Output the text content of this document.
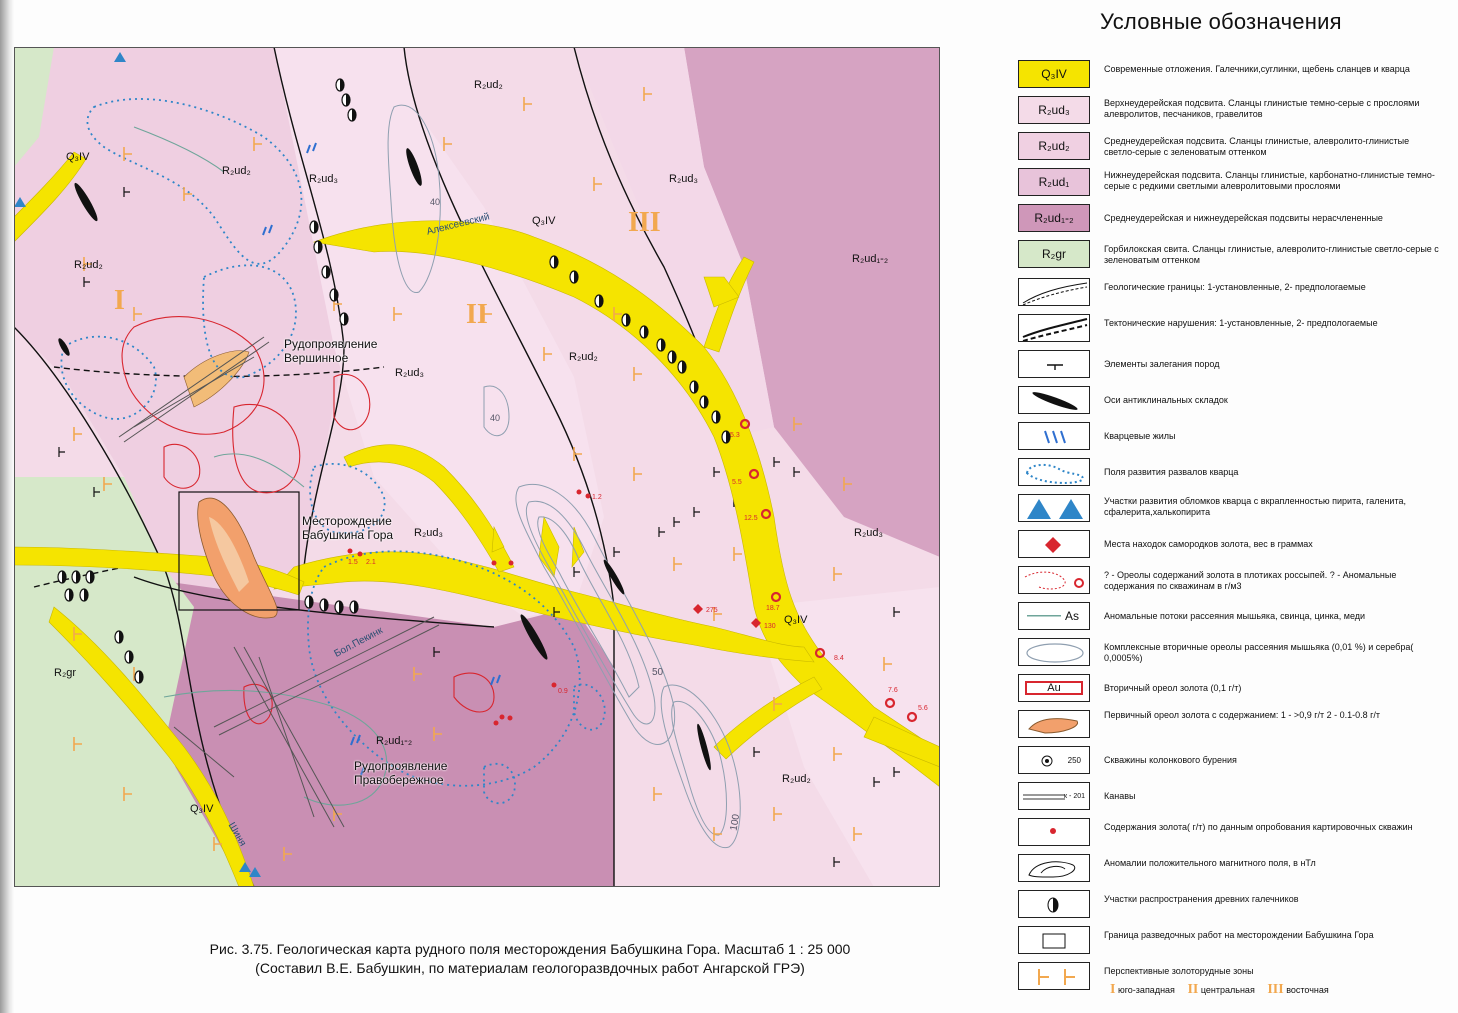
Q₃IV
Q₃IV
Q₃IV
Q₃IV
R₂ud₂
R₂ud₂
R₂ud₂
R₂ud₂
R₂ud₃	R₂ud₃
R₂ud₃
R₂ud₃	R₂ud₃
R₂ud₂
R₂ud₁-₂
R₂ud₁-₂
R₂gr
I	II
III
Рудопроявление
Вершинное
Месторождение
Бабушкина Гора
Рудопроявление
Правобережное
Алексеевский
Шиня
Бол.Пекинк
40
40
50
100
5.3
5.5
12.5
18.7
8.4
7.6
5.6
1.5 2.1
1.2
0.9
275
130
Рис. 3.75. Геологическая карта рудного поля месторождения Бабушкина Гора. Масштаб 1 : 25 000
(Составил В.Е. Бабушкин, по материалам геологоразвдочных работ Ангарской ГРЭ)
Условные обозначения
Q₃IV	Современные отложения. Галечники,суглинки, щебень сланцев и кварца
R₂ud₃	Верхнеудерейская подсвита. Сланцы глинистые темно-серые с прослоями алевролитов, песчаников, гравелитов
R₂ud₂	Среднеудерейская подсвита. Сланцы глинистые, алевролито-глинистые светло-серые с зеленоватым оттенком
R₂ud₁	Нижнеудерейская подсвита. Сланцы глинистые, карбонатно-глинистые темно-серые с редкими светлыми алевролитовыми прослоями
R₂ud₁-₂	Среднеудерейская и нижнеудерейская подсвиты нерасчлененные
R₂gr	Горбилокская свита. Сланцы глинистые, алевролито-глинистые светло-серые с зеленоватым оттенком
Геологические границы: 1-установленные, 2- предпологаемые
Тектонические нарушения: 1-установленные, 2- предпологаемые
Элементы залегания пород
Оси антиклинальных складок
Кварцевые жилы
Поля развития развалов кварца
Участки развития обломков кварца с вкрапленностью пирита, галенита, сфалерита,халькопирита
Места находок самородков золота, вес в граммах
? - Ореолы содержаний золота в плотиках россыпей. ? - Аномальные содержания по скважинам в г/м3
As	Аномальные потоки рассеяния мышьяка, свинца, цинка, меди
Комплексные вторичные ореолы рассеяния мышьяка (0,01 %) и серебра( 0,0005%)
Au	Вторичный ореол золота (0,1 г/т)
Первичный ореол золота с содержанием: 1 - >0,9 г/т 2 - 0.1-0.8 г/т
250	Скважины колонкового бурения
к - 201 Канавы
Содержания золота( г/т) по данным опробования картировочных скважин
Аномалии положительного магнитного поля, в нТл
Участки распространения древних галечников
Граница разведочных работ на месторождении Бабушкина Гора
Перспективные золоторудные зоны
I юго-западная II центральная III восточная
